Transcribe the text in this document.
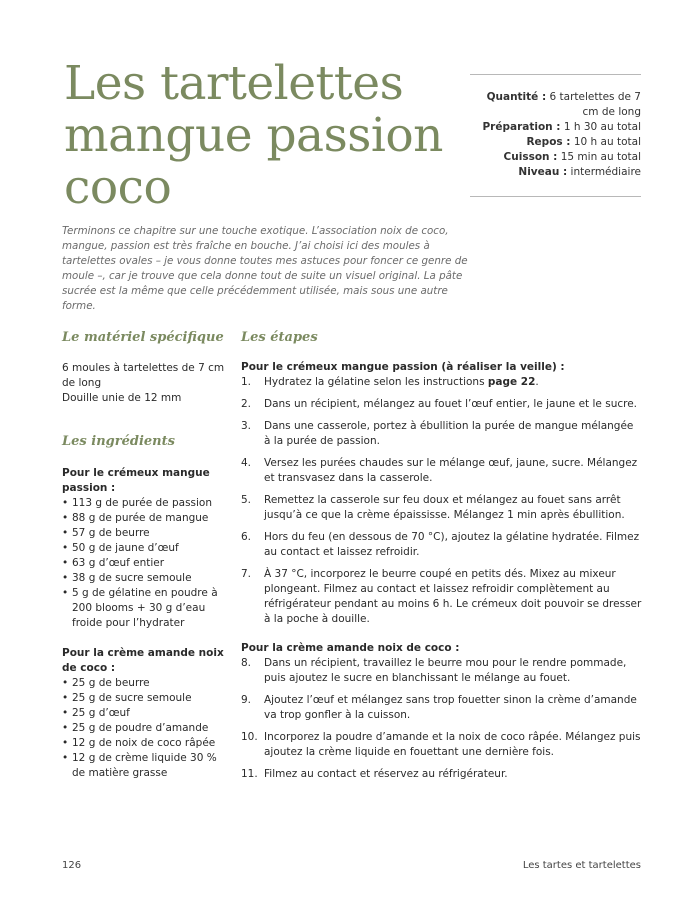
Les tartelettes
mangue passion
coco
Quantité : 6 tartelettes de 7 cm de long
Préparation : 1 h 30 au total
Repos : 10 h au total
Cuisson : 15 min au total
Niveau : intermédiaire

Terminons ce chapitre sur une touche exotique. L’association noix de coco, mangue, passion est très fraîche en bouche. J’ai choisi ici des moules à tartelettes ovales – je vous donne toutes mes astuces pour foncer ce genre de moule –, car je trouve que cela donne tout de suite un visuel original. La pâte sucrée est la même que celle précédemment utilisée, mais sous une autre forme.

Le matériel spécifique
6 moules à tartelettes de 7 cm de long
Douille unie de 12 mm
Les ingrédients

Pour le crémeux mangue passion :

• 113 g de purée de passion
• 88 g de purée de mangue
• 57 g de beurre
• 50 g de jaune d’œuf
• 63 g d’œuf entier
• 38 g de sucre semoule
• 5 g de gélatine en poudre à 200 blooms + 30 g d’eau froide pour l’hydrater

Pour la crème amande noix de coco :

• 25 g de beurre
• 25 g de sucre semoule
• 25 g d’œuf
• 25 g de poudre d’amande
• 12 g de noix de coco râpée
• 12 g de crème liquide 30 % de matière grasse
Les étapes

Pour le crémeux mangue passion (à réaliser la veille) :

1. Hydratez la gélatine selon les instructions page 22.
2. Dans un récipient, mélangez au fouet l’œuf entier, le jaune et le sucre.
3. Dans une casserole, portez à ébullition la purée de mangue mélangée à la purée de passion.
4. Versez les purées chaudes sur le mélange œuf, jaune, sucre. Mélangez et transvasez dans la casserole.
5. Remettez la casserole sur feu doux et mélangez au fouet sans arrêt jusqu’à ce que la crème épaississe. Mélangez 1 min après ébullition.
6. Hors du feu (en dessous de 70 °C), ajoutez la gélatine hydratée. Filmez au contact et laissez refroidir.
7. À 37 °C, incorporez le beurre coupé en petits dés. Mixez au mixeur plongeant. Filmez au contact et laissez refroidir complètement au réfrigérateur pendant au moins 6 h. Le crémeux doit pouvoir se dresser à la poche à douille.

Pour la crème amande noix de coco :

8. Dans un récipient, travaillez le beurre mou pour le rendre pommade, puis ajoutez le sucre en blanchissant le mélange au fouet.
9. Ajoutez l’œuf et mélangez sans trop fouetter sinon la crème d’amande va trop gonfler à la cuisson.
10. Incorporez la poudre d’amande et la noix de coco râpée. Mélangez puis ajoutez la crème liquide en fouettant une dernière fois.
11. Filmez au contact et réservez au réfrigérateur.
126	Les tartes et tartelettes
